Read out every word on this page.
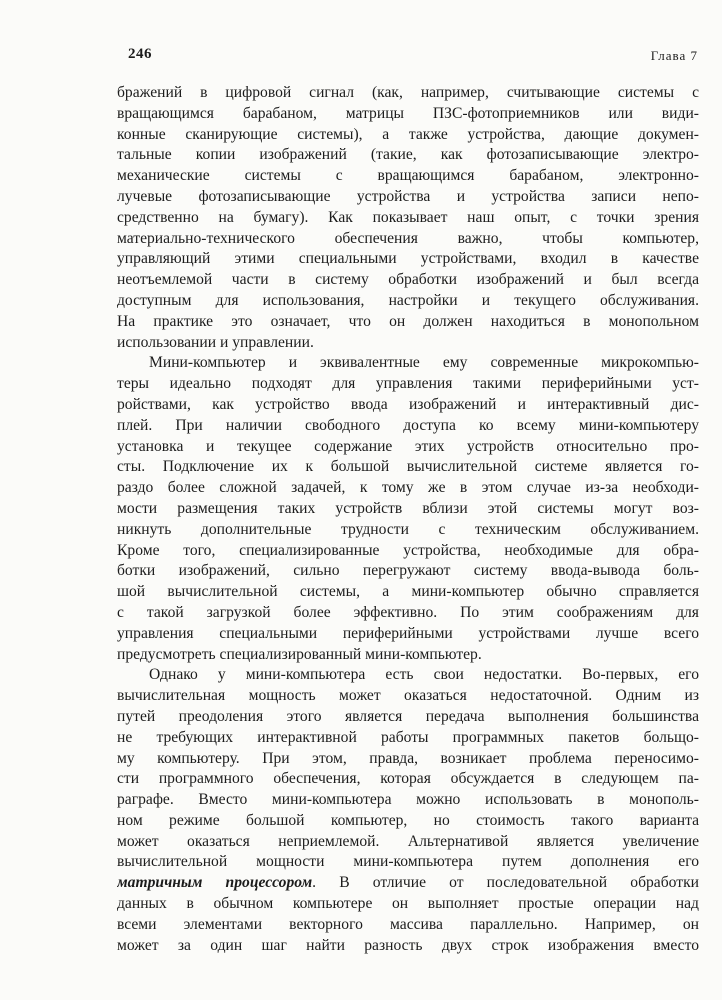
246	Глава 7
бражений в цифровой сигнал (как, например, считывающие системы с
вращающимся барабаном, матрицы ПЗС-фотоприемников или види-
конные сканирующие системы), а также устройства, дающие докумен-
тальные копии изображений (такие, как фотозаписывающие электро-
механические системы с вращающимся барабаном, электронно-
лучевые фотозаписывающие устройства и устройства записи непо-
средственно на бумагу). Как показывает наш опыт, с точки зрения
материально-технического обеспечения важно, чтобы компьютер,
управляющий этими специальными устройствами, входил в качестве
неотъемлемой части в систему обработки изображений и был всегда
доступным для использования, настройки и текущего обслуживания.
На практике это означает, что он должен находиться в монопольном
использовании и управлении.
Мини-компьютер и эквивалентные ему современные микрокомпью-
теры идеально подходят для управления такими периферийными уст-
ройствами, как устройство ввода изображений и интерактивный дис-
плей. При наличии свободного доступа ко всему мини-компьютеру
установка и текущее содержание этих устройств относительно про-
сты. Подключение их к большой вычислительной системе является го-
раздо более сложной задачей, к тому же в этом случае из-за необходи-
мости размещения таких устройств вблизи этой системы могут воз-
никнуть дополнительные трудности с техническим обслуживанием.
Кроме того, специализированные устройства, необходимые для обра-
ботки изображений, сильно перегружают систему ввода-вывода боль-
шой вычислительной системы, а мини-компьютер обычно справляется
с такой загрузкой более эффективно. По этим соображениям для
управления специальными периферийными устройствами лучше всего
предусмотреть специализированный мини-компьютер.
Однако у мини-компьютера есть свои недостатки. Во-первых, его
вычислительная мощность может оказаться недостаточной. Одним из
путей преодоления этого является передача выполнения большинства
не требующих интерактивной работы программных пакетов больщо-
му компьютеру. При этом, правда, возникает проблема переносимо-
сти программного обеспечения, которая обсуждается в следующем па-
раграфе. Вместо мини-компьютера можно использовать в монополь-
ном режиме большой компьютер, но стоимость такого варианта
может оказаться неприемлемой. Альтернативой является увеличение
вычислительной мощности мини-компьютера путем дополнения его
матричным процессором. В отличие от последовательной обработки
данных в обычном компьютере он выполняет простые операции над
всеми элементами векторного массива параллельно. Например, он
может за один шаг найти разность двух строк изображения вместо
